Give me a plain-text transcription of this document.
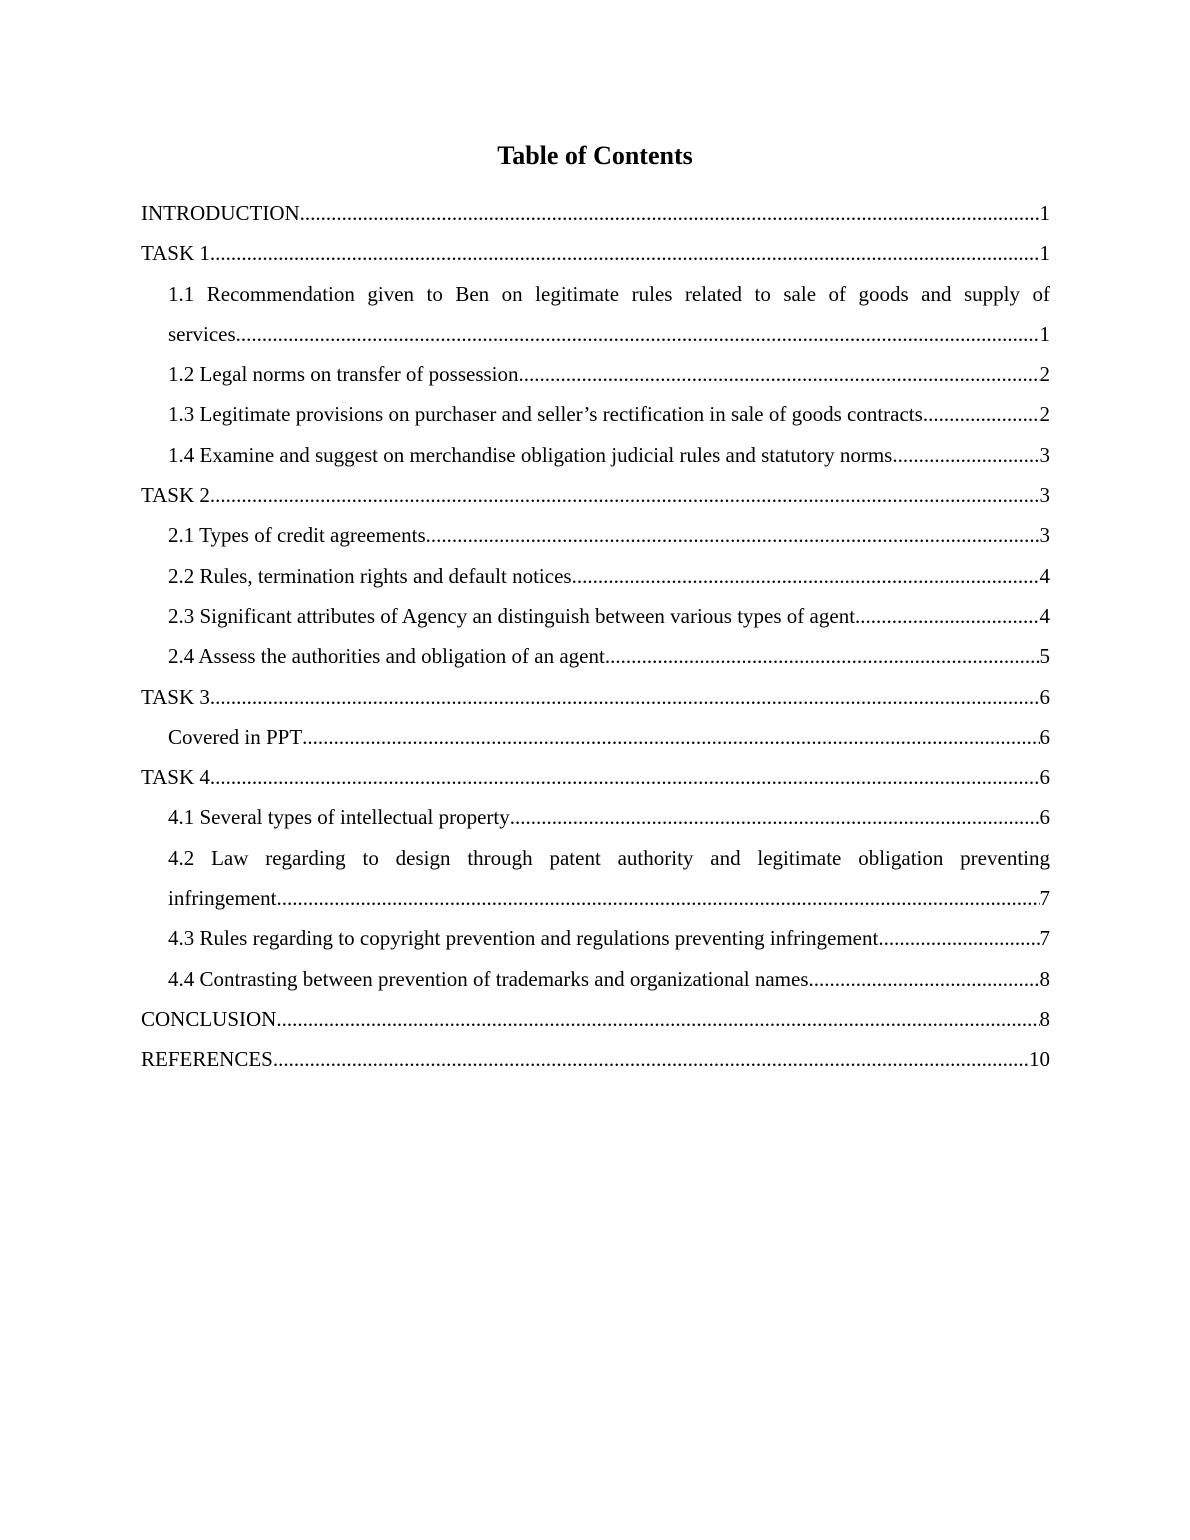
Table of Contents
INTRODUCTION .....	1
TASK 1 .....	1
1.1 Recommendation given to Ben on legitimate rules related to sale of goods and supply of
services .....	1
1.2 Legal norms on transfer of possession .....	2
1.3 Legitimate provisions on purchaser and seller’s rectification in sale of goods contracts .....	2
1.4 Examine and suggest on merchandise obligation judicial rules and statutory norms .....	3
TASK 2 .....	3
2.1 Types of credit agreements .....	3
2.2 Rules, termination rights and default notices .....	4
2.3 Significant attributes of Agency an distinguish between various types of agent .....	4
2.4 Assess the authorities and obligation of an agent .....	5
TASK 3 .....	6
Covered in PPT .....	6
TASK 4 .....	6
4.1 Several types of intellectual property .....	6
4.2 Law regarding to design through patent authority and legitimate obligation preventing
infringement .....	7
4.3 Rules regarding to copyright prevention and regulations preventing infringement .....	7
4.4 Contrasting between prevention of trademarks and organizational names .....	8
CONCLUSION .....	8
REFERENCES .....	10
